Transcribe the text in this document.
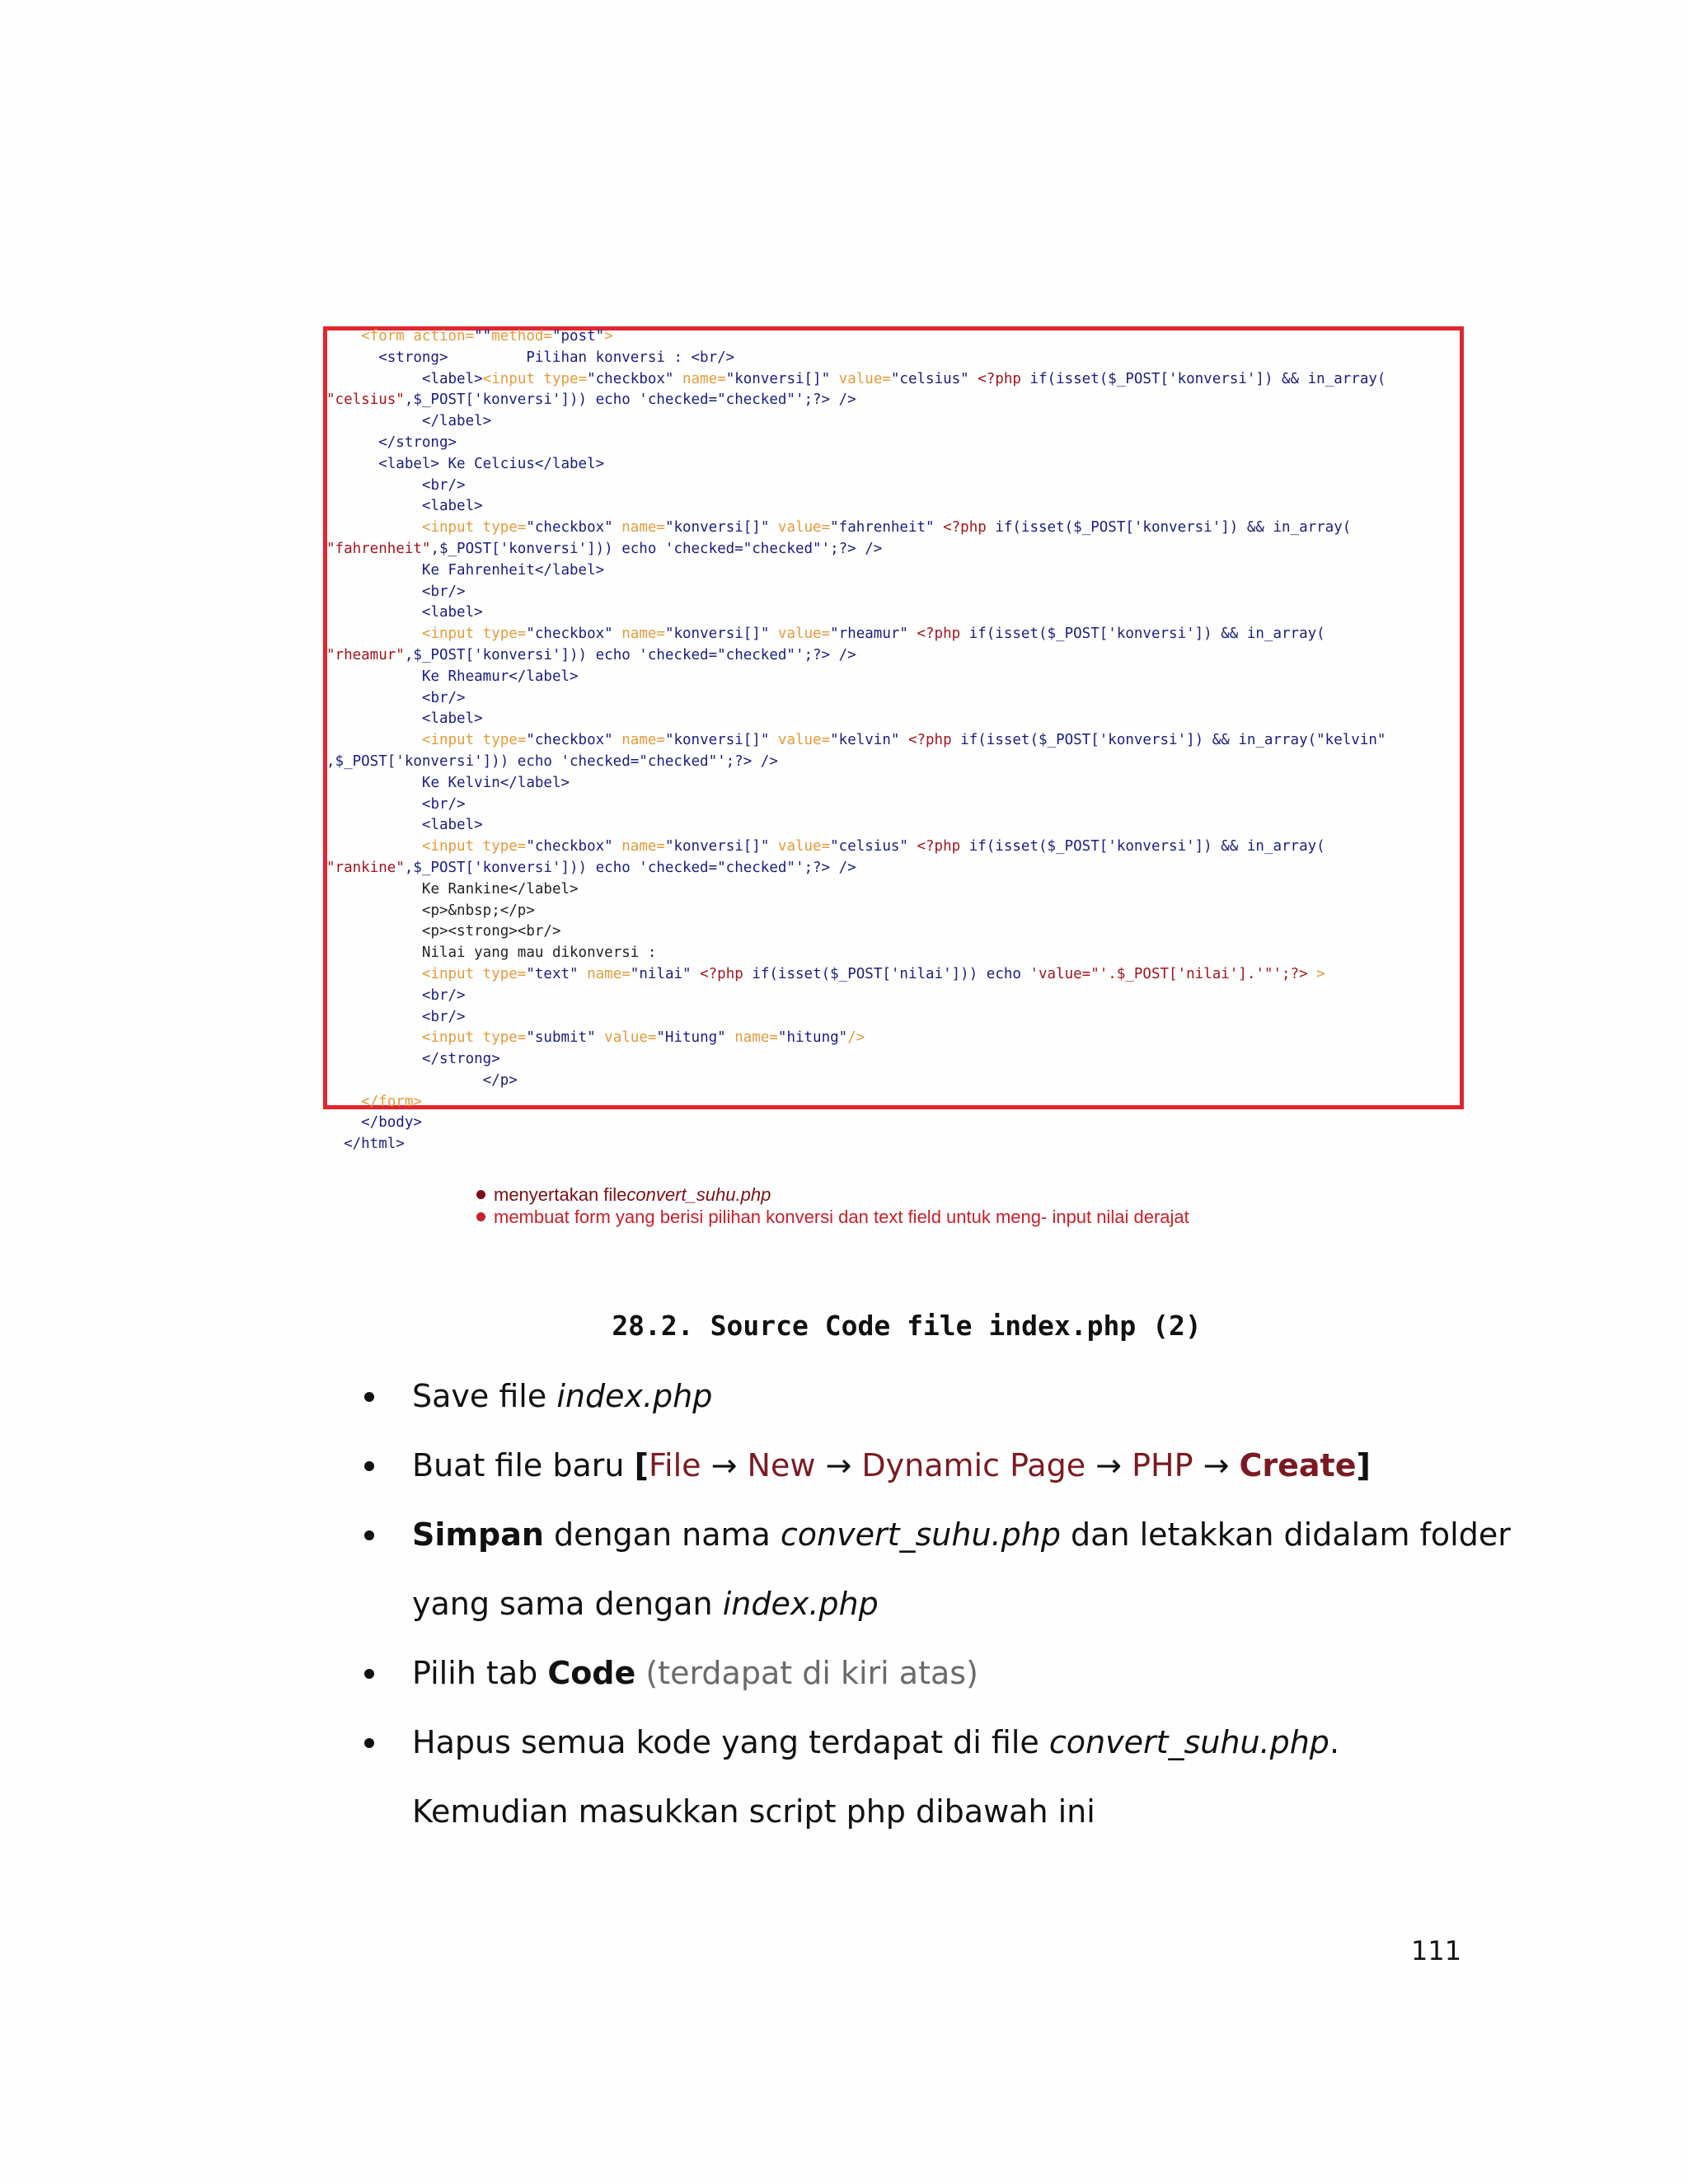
<form action=""method="post">
<strong>         Pilihan konversi : <br/>
<label><input type="checkbox" name="konversi[]" value="celsius" <?php if(isset($_POST['konversi']) && in_array(
"celsius",$_POST['konversi'])) echo 'checked="checked"';?> />
</label>
</strong>
<label> Ke Celcius</label>
<br/>
<label>
<input type="checkbox" name="konversi[]" value="fahrenheit" <?php if(isset($_POST['konversi']) && in_array(
"fahrenheit",$_POST['konversi'])) echo 'checked="checked"';?> />
Ke Fahrenheit</label>
<br/>
<label>
<input type="checkbox" name="konversi[]" value="rheamur" <?php if(isset($_POST['konversi']) && in_array(
"rheamur",$_POST['konversi'])) echo 'checked="checked"';?> />
Ke Rheamur</label>
<br/>
<label>
<input type="checkbox" name="konversi[]" value="kelvin" <?php if(isset($_POST['konversi']) && in_array("kelvin"
,$_POST['konversi'])) echo 'checked="checked"';?> />
Ke Kelvin</label>
<br/>
<label>
<input type="checkbox" name="konversi[]" value="celsius" <?php if(isset($_POST['konversi']) && in_array(
"rankine",$_POST['konversi'])) echo 'checked="checked"';?> />
Ke Rankine</label>
<p>&nbsp;</p>
<p><strong><br/>
Nilai yang mau dikonversi :
<input type="text" name="nilai" <?php if(isset($_POST['nilai'])) echo 'value="'.$_POST['nilai'].'"';?> >
<br/>
<br/>
<input type="submit" value="Hitung" name="hitung"/>
</strong>
</p>
</form>
</body>
</html>
menyertakan file convert_suhu.php
membuat form yang berisi pilihan konversi dan text field untuk meng- input nilai derajat
28.2. Source Code file index.php (2)
Save file index.php
Buat file baru [File → New → Dynamic Page → PHP → Create]
Simpan dengan nama convert_suhu.php dan letakkan didalam folder
yang sama dengan index.php
Pilih tab Code (terdapat di kiri atas)
Hapus semua kode yang terdapat di file convert_suhu.php.
Kemudian masukkan script php dibawah ini
111
